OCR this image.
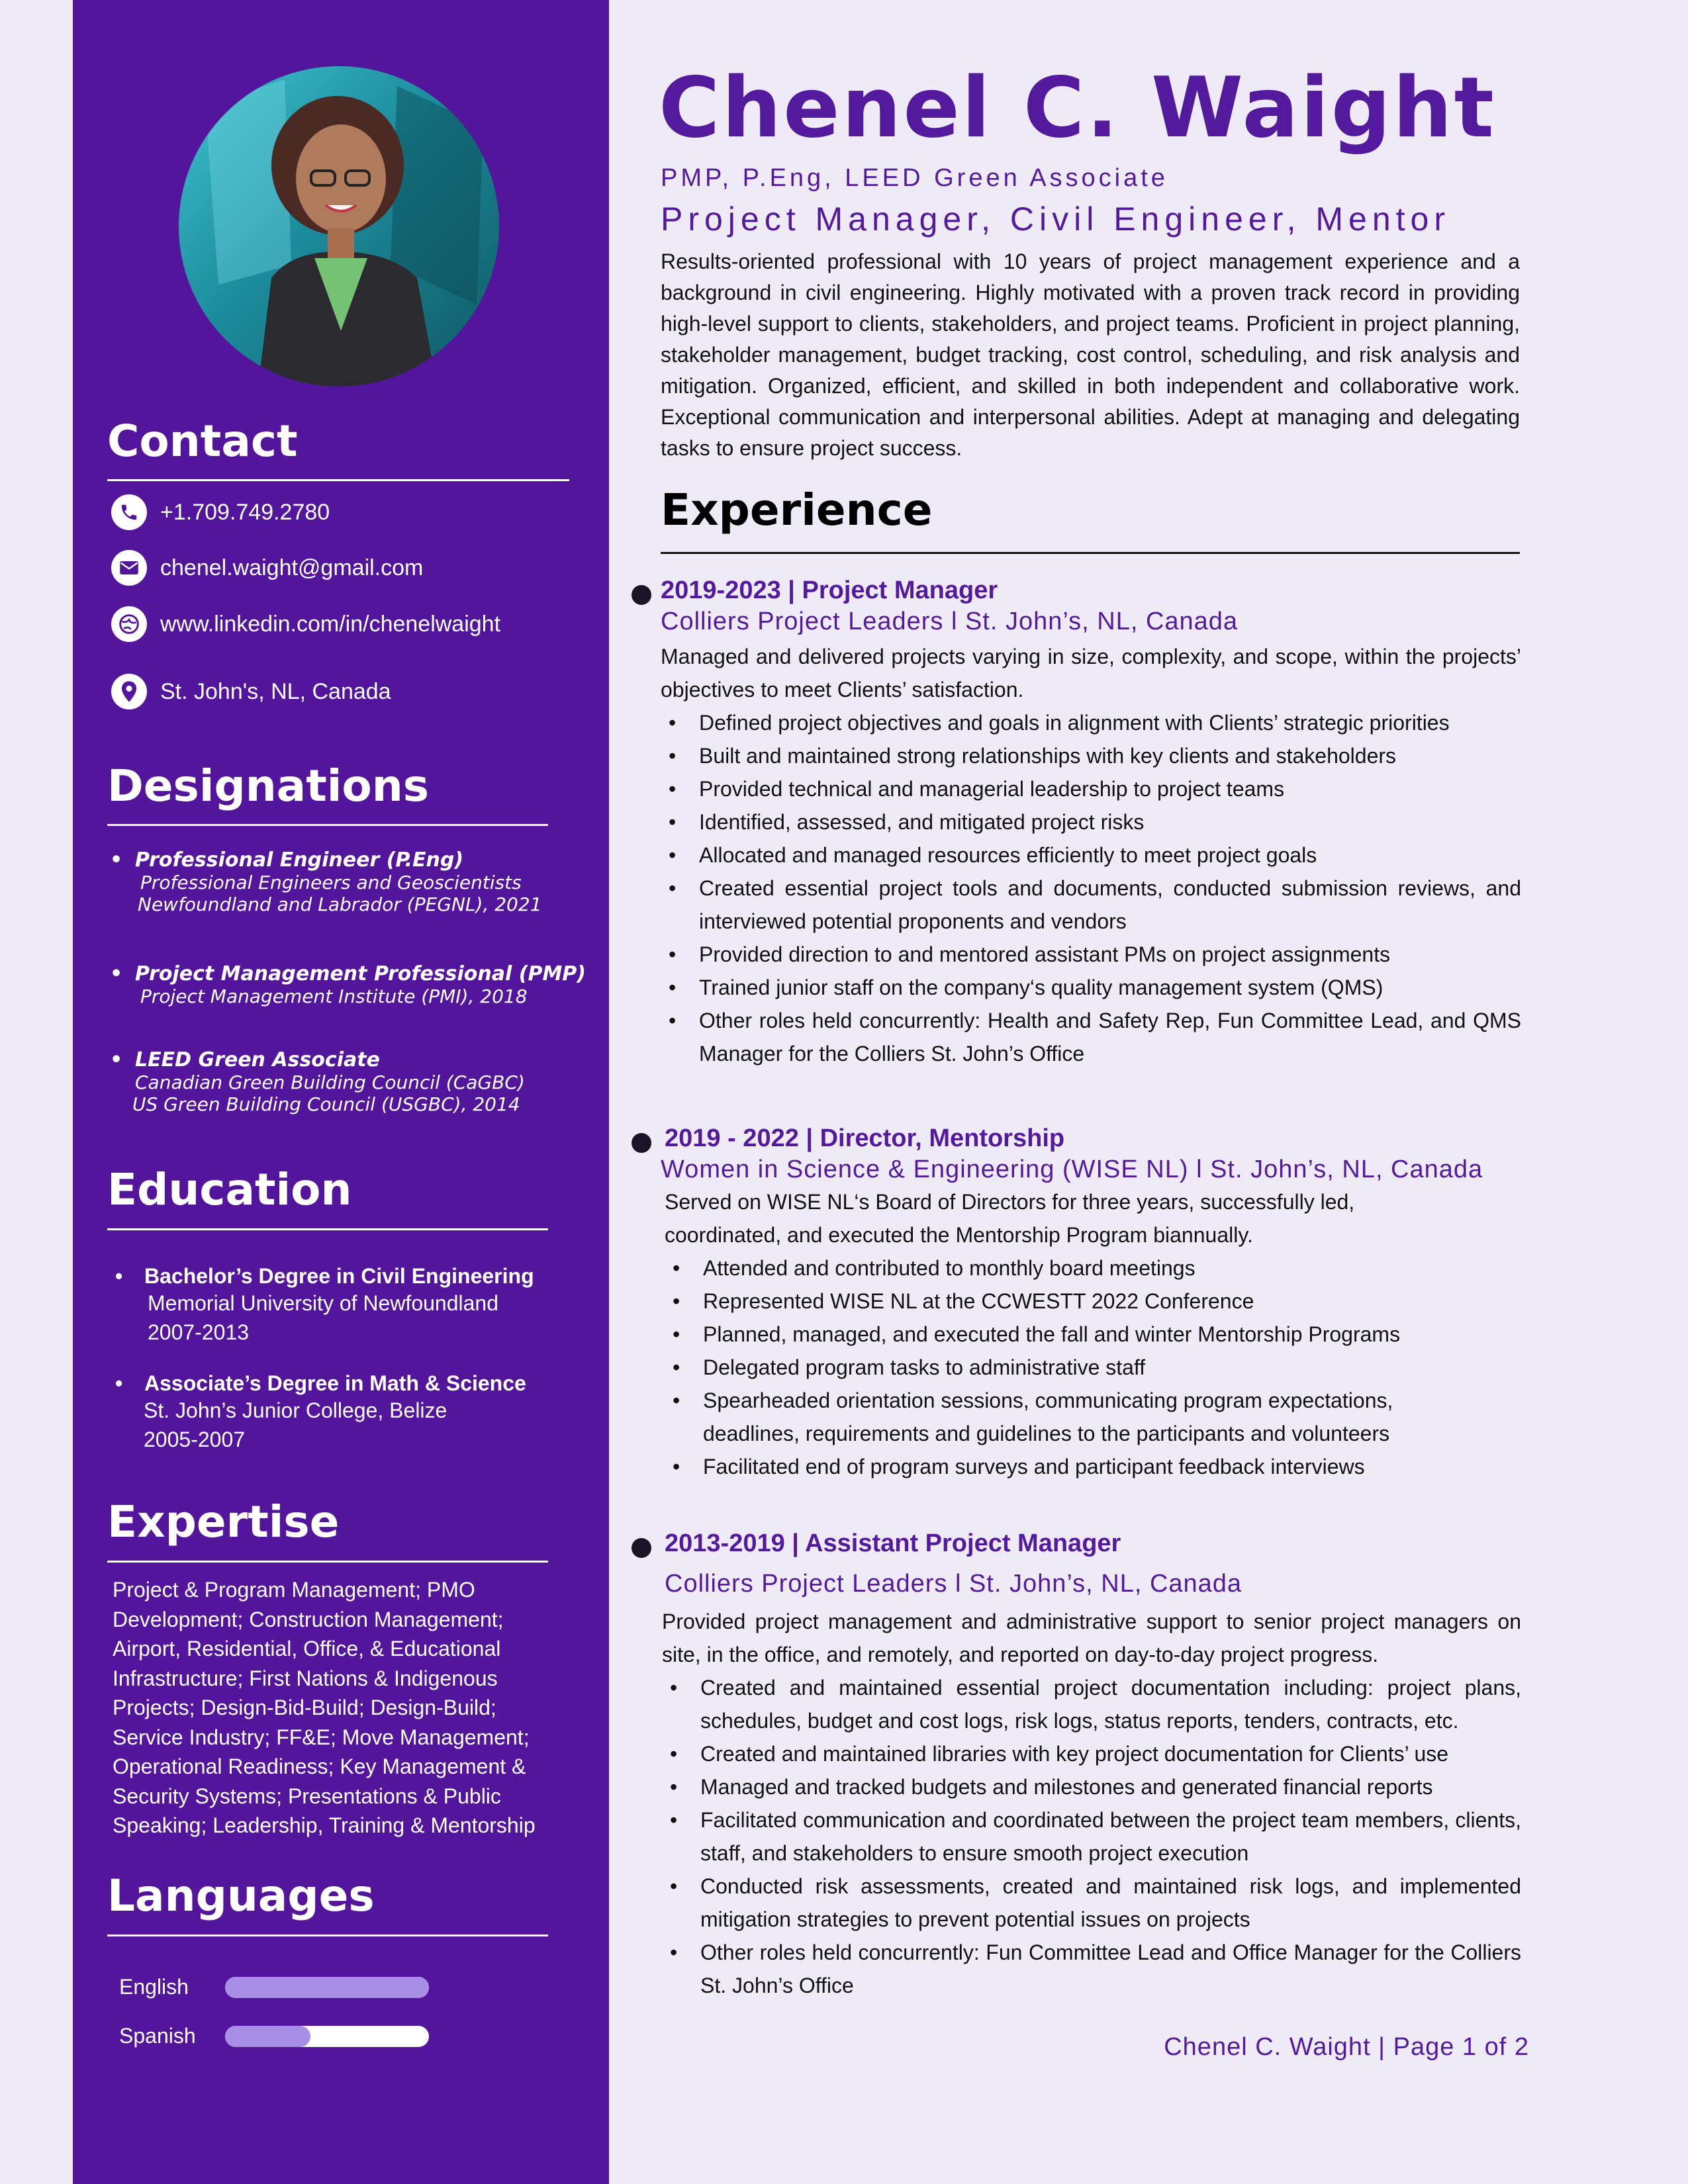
Contact
+1.709.749.2780
chenel.waight@gmail.com
www.linkedin.com/in/chenelwaight
St. John's, NL, Canada
Designations
• Professional Engineer (P.Eng)
Professional Engineers and Geoscientists
Newfoundland and Labrador (PEGNL), 2021
• Project Management Professional (PMP)
Project Management Institute (PMI), 2018
• LEED Green Associate
Canadian Green Building Council (CaGBC)
US Green Building Council (USGBC), 2014
Education
• Bachelor’s Degree in Civil Engineering
Memorial University of Newfoundland
2007-2013
• Associate’s Degree in Math & Science
St. John’s Junior College, Belize
2005-2007
Expertise
Project & Program Management; PMO Development; Construction Management; Airport, Residential, Office, & Educational Infrastructure; First Nations & Indigenous Projects; Design-Bid-Build; Design-Build; Service Industry; FF&E; Move Management; Operational Readiness; Key Management & Security Systems; Presentations & Public Speaking; Leadership, Training & Mentorship
Languages
English
Spanish
Chenel C. Waight
PMP, P.Eng, LEED Green Associate
Project Manager, Civil Engineer, Mentor
Results-oriented professional with 10 years of project management experience and a background in civil engineering. Highly motivated with a proven track record in providing high-level support to clients, stakeholders, and project teams. Proficient in project planning, stakeholder management, budget tracking, cost control, scheduling, and risk analysis and mitigation. Organized, efficient, and skilled in both independent and collaborative work. Exceptional communication and interpersonal abilities. Adept at managing and delegating tasks to ensure project success.
Experience
2019-2023 | Project Manager
Colliers Project Leaders l St. John’s, NL, Canada
Managed and delivered projects varying in size, complexity, and scope, within the projects’ objectives to meet Clients’ satisfaction.
• Defined project objectives and goals in alignment with Clients’ strategic priorities
• Built and maintained strong relationships with key clients and stakeholders
• Provided technical and managerial leadership to project teams
• Identified, assessed, and mitigated project risks
• Allocated and managed resources efficiently to meet project goals
• Created essential project tools and documents, conducted submission reviews, and interviewed potential proponents and vendors
• Provided direction to and mentored assistant PMs on project assignments
• Trained junior staff on the company‘s quality management system (QMS)
• Other roles held concurrently: Health and Safety Rep, Fun Committee Lead, and QMS Manager for the Colliers St. John’s Office
2019 - 2022 | Director, Mentorship
Women in Science & Engineering (WISE NL) l St. John’s, NL, Canada
Served on WISE NL‘s Board of Directors for three years, successfully led, coordinated, and executed the Mentorship Program biannually.
• Attended and contributed to monthly board meetings
• Represented WISE NL at the CCWESTT 2022 Conference
• Planned, managed, and executed the fall and winter Mentorship Programs
• Delegated program tasks to administrative staff
• Spearheaded orientation sessions, communicating program expectations, deadlines, requirements and guidelines to the participants and volunteers
• Facilitated end of program surveys and participant feedback interviews
2013-2019 | Assistant Project Manager
Colliers Project Leaders l St. John’s, NL, Canada
Provided project management and administrative support to senior project managers on site, in the office, and remotely, and reported on day-to-day project progress.
• Created and maintained essential project documentation including: project plans, schedules, budget and cost logs, risk logs, status reports, tenders, contracts, etc.
• Created and maintained libraries with key project documentation for Clients’ use
• Managed and tracked budgets and milestones and generated financial reports
• Facilitated communication and coordinated between the project team members, clients, staff, and stakeholders to ensure smooth project execution
• Conducted risk assessments, created and maintained risk logs, and implemented mitigation strategies to prevent potential issues on projects
• Other roles held concurrently: Fun Committee Lead and Office Manager for the Colliers St. John’s Office
Chenel C. Waight | Page 1 of 2
